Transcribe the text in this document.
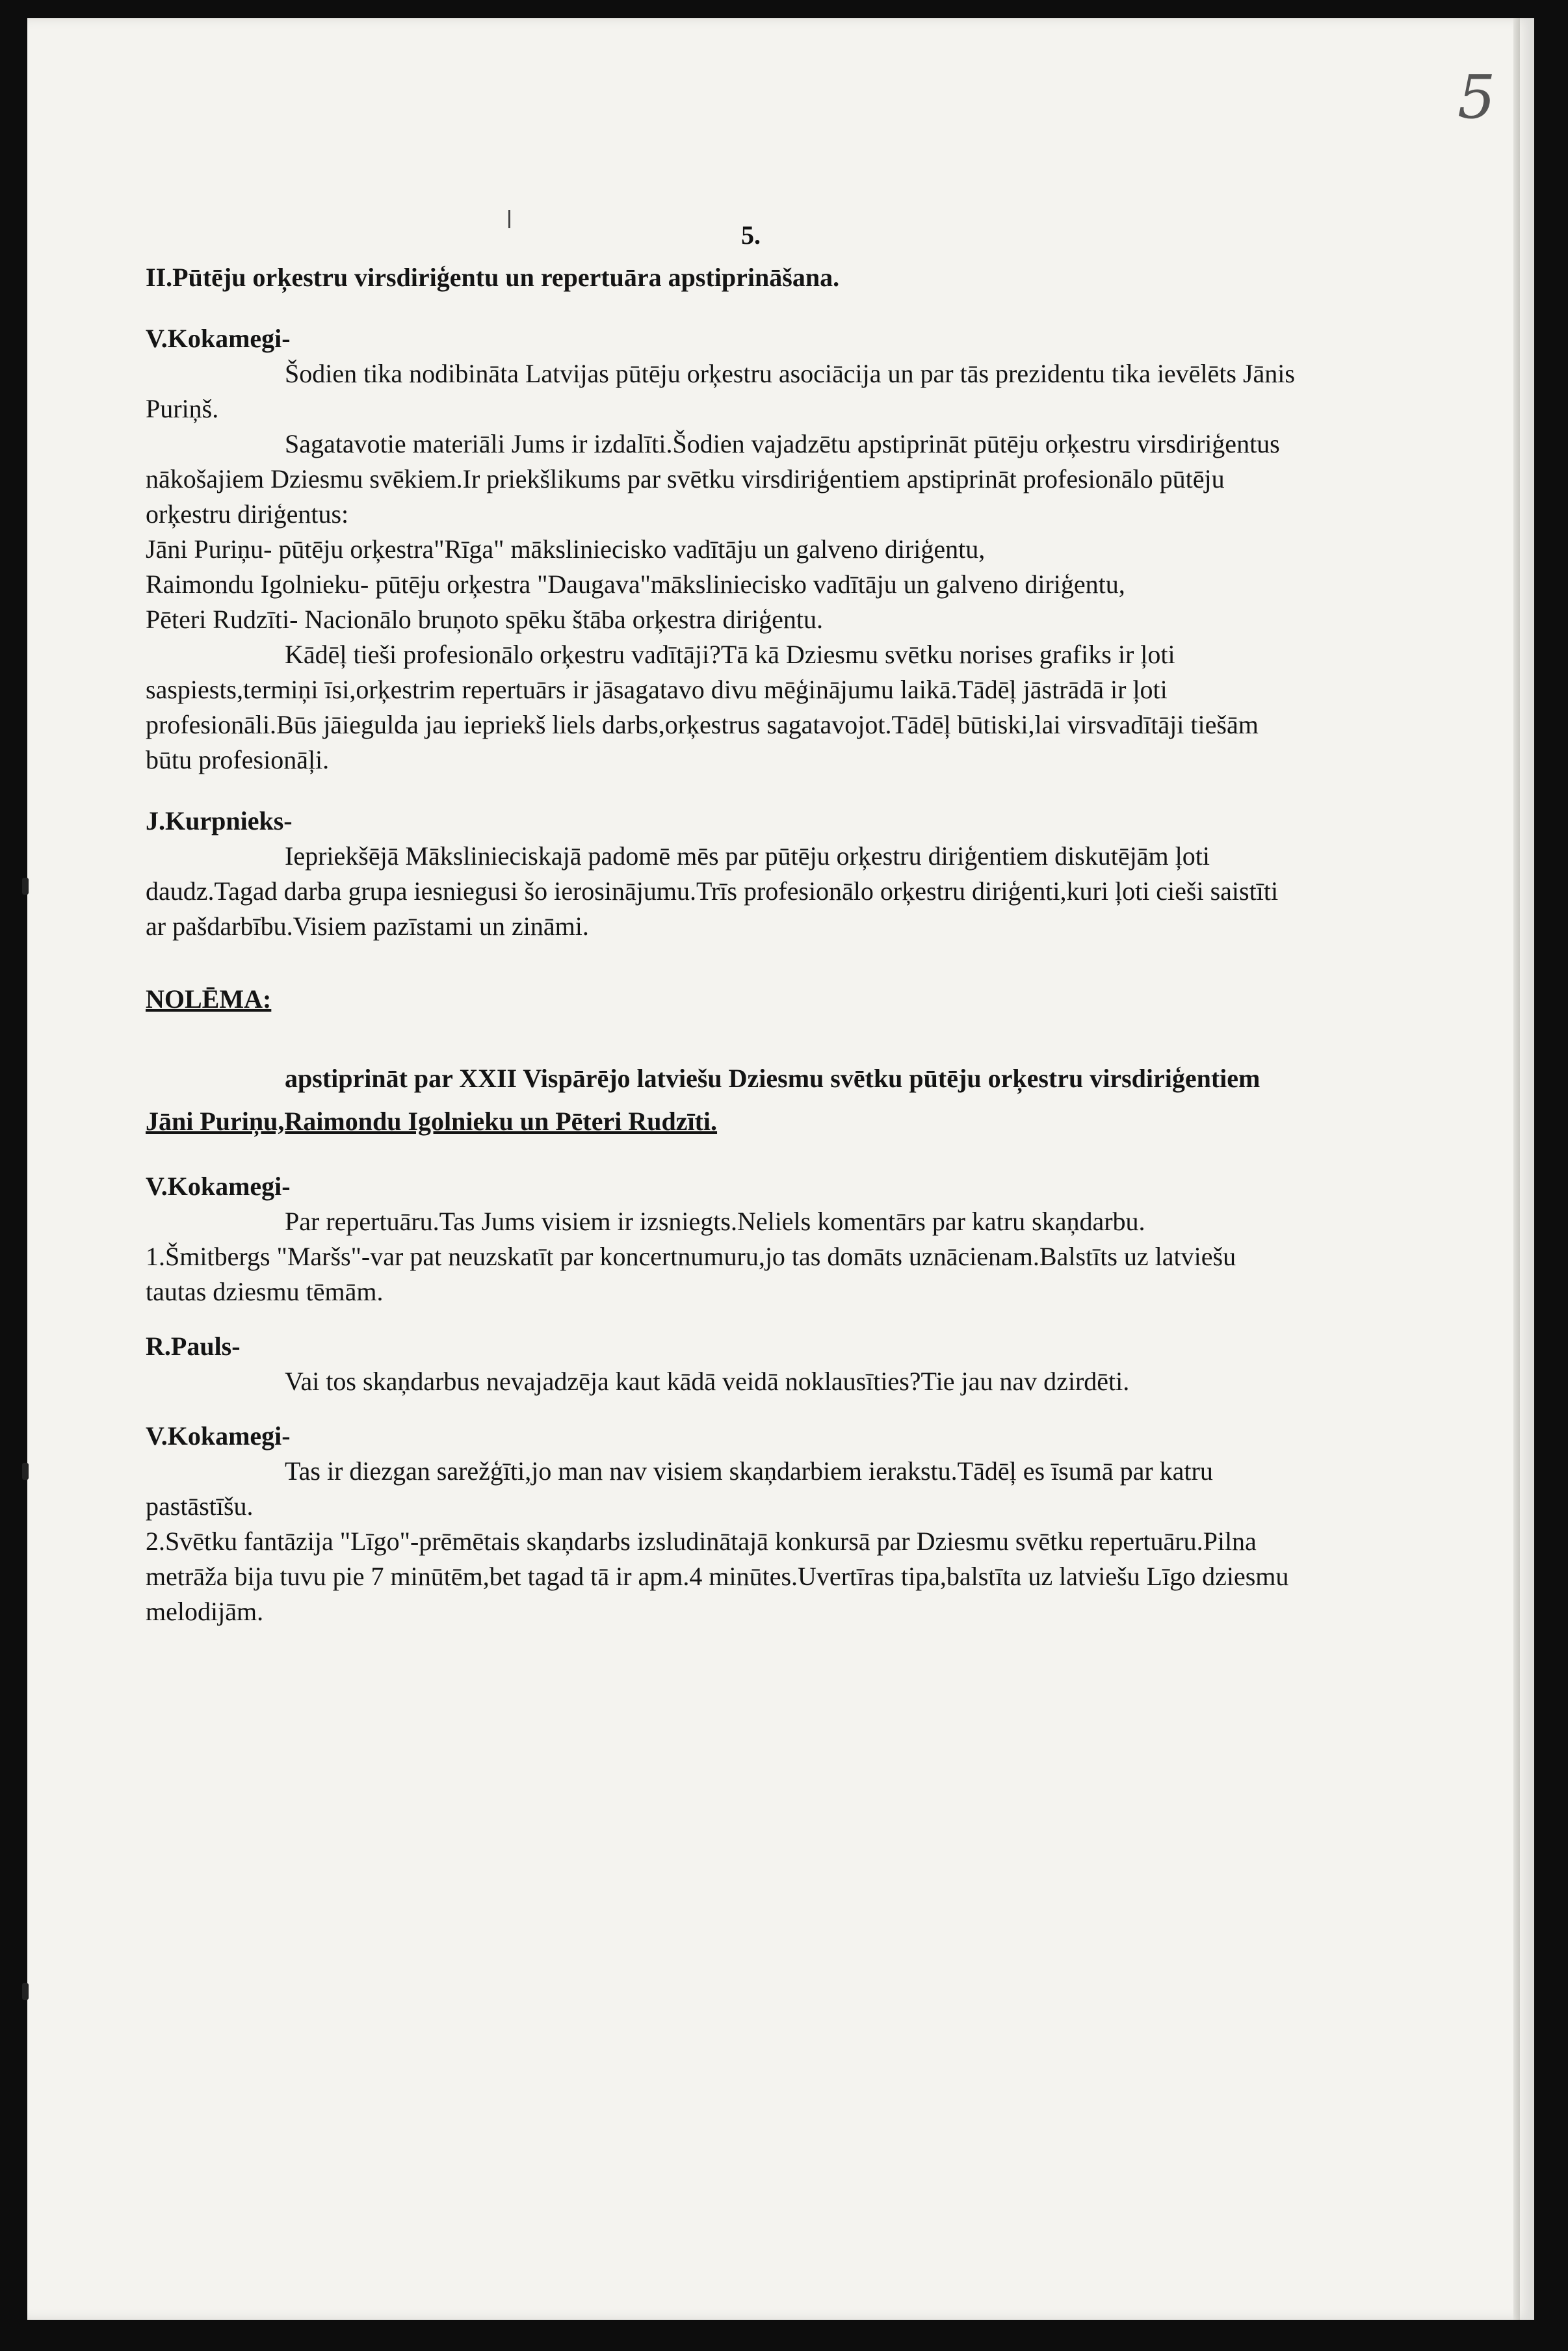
5
5.
II.Pūtēju orķestru virsdiriģentu un repertuāra apstiprināšana.
V.Kokamegi-

Šodien tika nodibināta Latvijas pūtēju orķestru asociācija un par tās prezidentu tika ievēlēts Jānis Puriņš.

Sagatavotie materiāli Jums ir izdalīti.Šodien vajadzētu apstiprināt pūtēju orķestru virsdiriģentus nākošajiem Dziesmu svēkiem.Ir priekšlikums par svētku virsdiriģentiem apstiprināt profesionālo pūtēju orķestru diriģentus:

Jāni Puriņu- pūtēju orķestra"Rīga" mākslinieciskо vadītāju un galveno diriģentu,

Raimondu Igolnieku- pūtēju orķestra "Daugava"mākslinieciskо vadītāju un galveno diriģentu,

Pēteri Rudzīti- Nacionālo bruņoto spēku štāba orķestra diriģentu.

Kādēļ tieši profesionālo orķestru vadītāji?Tā kā Dziesmu svētku norises grafiks ir ļoti saspiests,termiņi īsi,orķestrim repertuārs ir jāsagatavo divu mēģinājumu laikā.Tādēļ jāstrādā ir ļoti profesionāli.Būs jāiegulda jau iepriekš liels darbs,orķestrus sagatavojot.Tādēļ būtiski,lai virsvadītāji tiešām būtu profesionāļi.

J.Kurpnieks-

Iepriekšējā Mākslinieciskajā padomē mēs par pūtēju orķestru diriģentiem diskutējām ļoti daudz.Tagad darba grupa iesniegusi šo ierosinājumu.Trīs profesionālo orķestru diriģenti,kuri ļoti cieši saistīti ar pašdarbību.Visiem pazīstami un zināmi.

NOLĒMA:
apstiprināt par XXII Vispārējo latviešu Dziesmu svētku pūtēju orķestru virsdiriģentiem Jāni Puriņu,Raimondu Igolnieku un Pēteri Rudzīti.
V.Kokamegi-

Par repertuāru.Tas Jums visiem ir izsniegts.Neliels komentārs par katru skaņdarbu.

1.Šmitbergs "Maršs"-var pat neuzskatīt par koncertnumuru,jo tas domāts uznācienam.Balstīts uz latviešu tautas dziesmu tēmām.

R.Pauls-

Vai tos skaņdarbus nevajadzēja kaut kādā veidā noklausīties?Tie jau nav dzirdēti.

V.Kokamegi-

Tas ir diezgan sarežģīti,jo man nav visiem skaņdarbiem ierakstu.Tādēļ es īsumā par katru pastāstīšu.

2.Svētku fantāzija "Līgo"-prēmētais skaņdarbs izsludinātajā konkursā par Dziesmu svētku repertuāru.Pilna metrāža bija tuvu pie 7 minūtēm,bet tagad tā ir apm.4 minūtes.Uvertīras tipa,balstīta uz latviešu Līgo dziesmu melodijām.
